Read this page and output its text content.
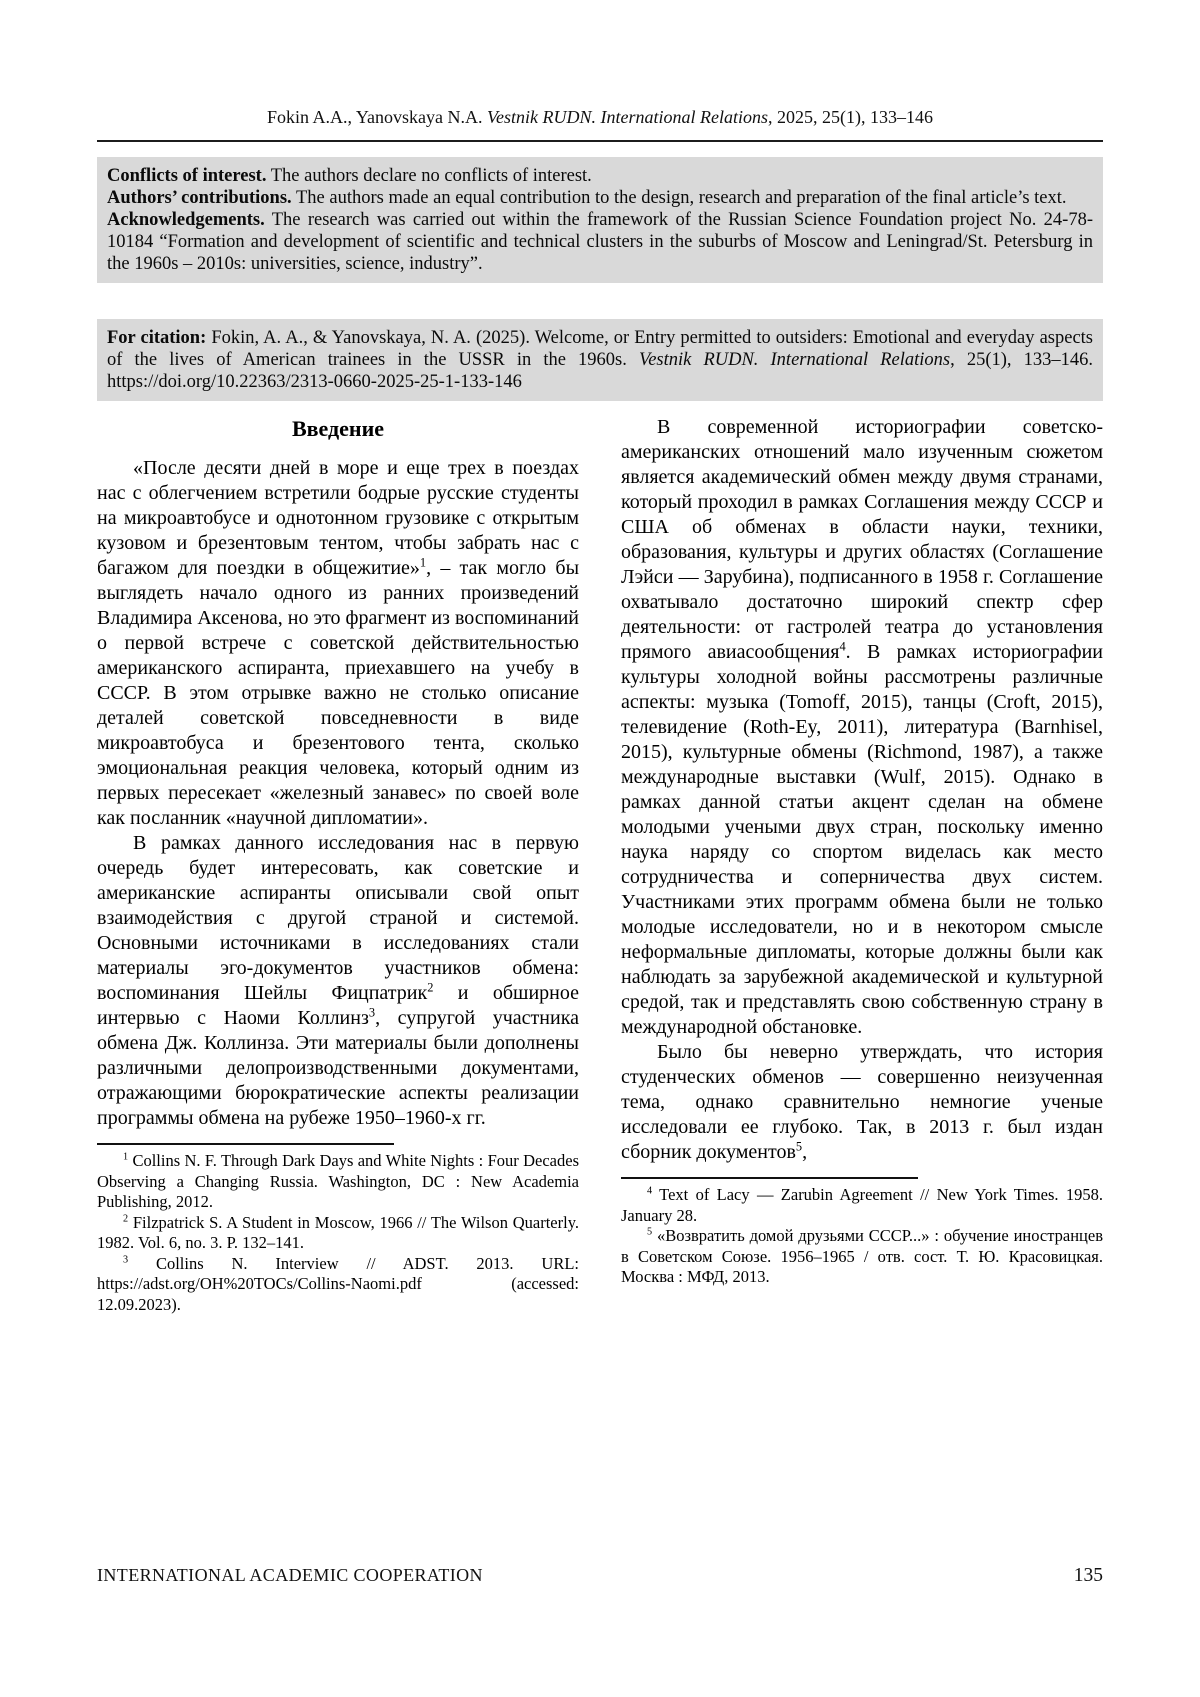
Fokin A.A., Yanovskaya N.A. Vestnik RUDN. International Relations, 2025, 25(1), 133–146

Conflicts of interest. The authors declare no conflicts of interest.

Authors’ contributions. The authors made an equal contribution to the design, research and preparation of the final article’s text.

Acknowledgements. The research was carried out within the framework of the Russian Science Foundation project No. 24-78-10184 “Formation and development of scientific and technical clusters in the suburbs of Moscow and Leningrad/St. Petersburg in the 1960s – 2010s: universities, science, industry”.

For citation: Fokin, A. A., & Yanovskaya, N. A. (2025). Welcome, or Entry permitted to outsiders: Emotional and everyday aspects of the lives of American trainees in the USSR in the 1960s. Vestnik RUDN. International Relations, 25(1), 133–146. https://doi.org/10.22363/2313-0660-2025-25-1-133-146

Введение

«После десяти дней в море и еще трех в поездах нас с облегчением встретили бодрые русские студенты на микроавтобусе и однотонном грузовике с открытым кузовом и брезентовым тентом, чтобы забрать нас с багажом для поездки в общежитие»$^1$, – так могло бы выглядеть начало одного из ранних произведений Владимира Аксенова, но это фрагмент из воспоминаний о первой встрече с советской действительностью американского аспиранта, приехавшего на учебу в СССР. В этом отрывке важно не столько описание деталей советской повседневности в виде микроавтобуса и брезентового тента, сколько эмоциональная реакция человека, который одним из первых пересекает «железный занавес» по своей воле как посланник «научной дипломатии».

В рамках данного исследования нас в первую очередь будет интересовать, как советские и американские аспиранты описывали свой опыт взаимодействия с другой страной и системой. Основными источниками в исследованиях стали материалы эго-документов участников обмена: воспоминания Шейлы Фицпатрик$^2$ и обширное интервью с Наоми Коллинз$^3$, супругой участника обмена Дж. Коллинза. Эти материалы были дополнены различными делопроизводственными документами, отражающими бюрократические аспекты реализации программы обмена на рубеже 1950–1960-х гг.

$^1$ Collins N. F. Through Dark Days and White Nights : Four Decades Observing a Changing Russia. Washington, DC : New Academia Publishing, 2012.

$^2$ Filzpatrick S. A Student in Moscow, 1966 // The Wilson Quarterly. 1982. Vol. 6, no. 3. P. 132–141.

$^3$ Collins N. Interview // ADST. 2013. URL: https://adst.org/OH%20TOCs/Collins-Naomi.pdf (accessed: 12.09.2023).

В современной историографии советско-американских отношений мало изученным сюжетом является академический обмен между двумя странами, который проходил в рамках Соглашения между СССР и США об обменах в области науки, техники, образования, культуры и других областях (Соглашение Лэйси — Зарубина), подписанного в 1958 г. Соглашение охватывало достаточно широкий спектр сфер деятельности: от гастролей театра до установления прямого авиасообщения$^4$. В рамках историографии культуры холодной войны рассмотрены различные аспекты: музыка (Tomoff, 2015), танцы (Croft, 2015), телевидение (Roth-Ey, 2011), литература (Barnhisel, 2015), культурные обмены (Richmond, 1987), а также международные выставки (Wulf, 2015). Однако в рамках данной статьи акцент сделан на обмене молодыми учеными двух стран, поскольку именно наука наряду со спортом виделась как место сотрудничества и соперничества двух систем. Участниками этих программ обмена были не только молодые исследователи, но и в некотором смысле неформальные дипломаты, которые должны были как наблюдать за зарубежной академической и культурной средой, так и представлять свою собственную страну в международной обстановке.

Было бы неверно утверждать, что история студенческих обменов — совершенно неизученная тема, однако сравнительно немногие ученые исследовали ее глубоко. Так, в 2013 г. был издан сборник документов$^5$,

$^4$ Text of Lacy — Zarubin Agreement // New York Times. 1958. January 28.

$^5$ «Возвратить домой друзьями СССР...» : обучение иностранцев в Советском Союзе. 1956–1965 / отв. сост. Т. Ю. Красовицкая. Москва : МФД, 2013.

INTERNATIONAL ACADEMIC COOPERATION	135
